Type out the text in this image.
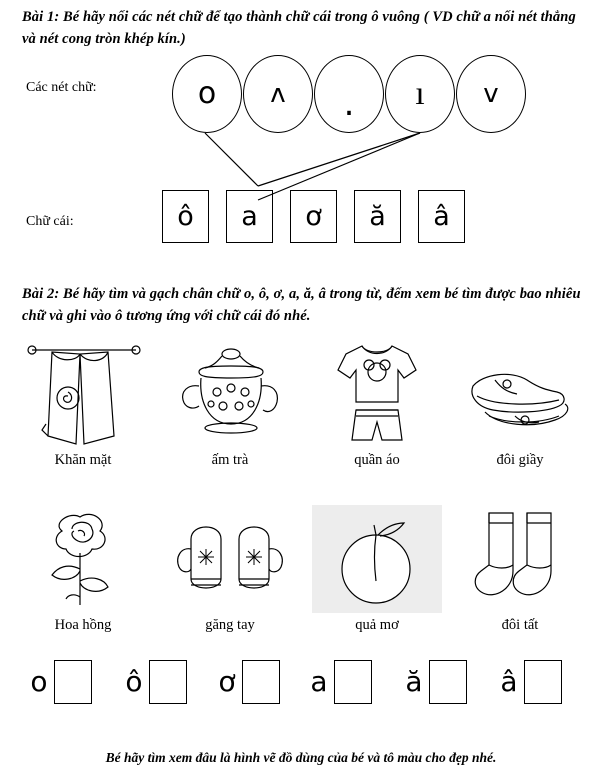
Bài 1: Bé hãy nối các nét chữ để tạo thành chữ cái trong ô vuông ( VD chữ a nối nét thẳng và nét cong tròn khép kín.)
Các nét chữ:
Chữ cái:
o ʌ . ı v
ô a ơ ă â
Bài 2: Bé hãy tìm và gạch chân chữ o, ô, ơ, a, ă, â trong từ, đếm xem bé tìm được bao nhiêu chữ và ghi vào ô tương ứng với chữ cái đó nhé.
Khăn mặt	ấm trà	quần áo	đôi giầy
Hoa hồng	găng tay	quả mơ	đôi tất
o	ô	ơ	a	ă	â
Bé hãy tìm xem đâu là hình vẽ đồ dùng của bé và tô màu cho đẹp nhé.
